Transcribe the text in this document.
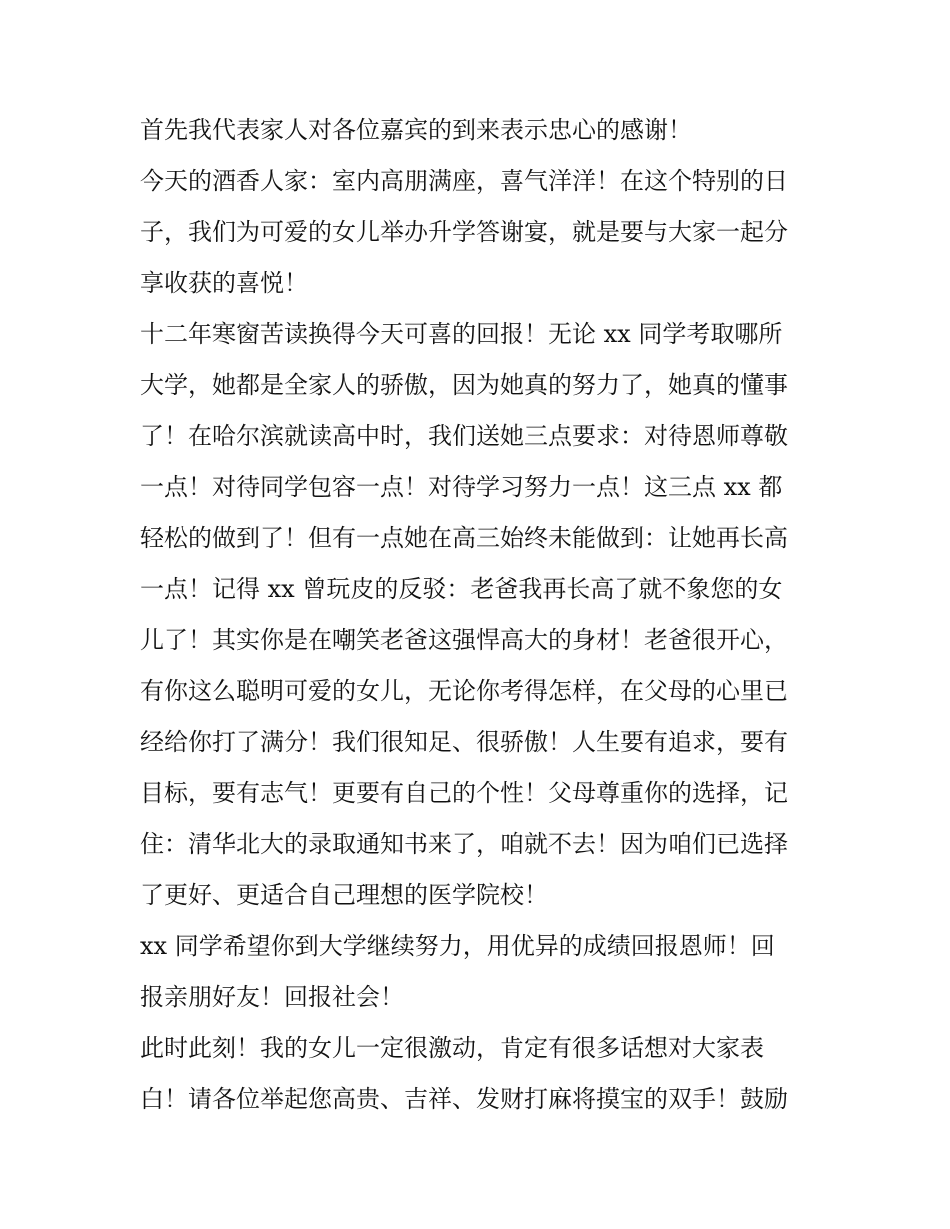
首先我代表家人对各位嘉宾的到来表示忠心的感谢！

今天的酒香人家：室内高朋满座，喜气洋洋！在这个特别的日

子，我们为可爱的女儿举办升学答谢宴，就是要与大家一起分

享收获的喜悦！

十二年寒窗苦读换得今天可喜的回报！无论 xx 同学考取哪所

大学，她都是全家人的骄傲，因为她真的努力了，她真的懂事

了！在哈尔滨就读高中时，我们送她三点要求：对待恩师尊敬

一点！对待同学包容一点！对待学习努力一点！这三点 xx 都

轻松的做到了！但有一点她在高三始终未能做到：让她再长高

一点！记得 xx 曾玩皮的反驳：老爸我再长高了就不象您的女

儿了！其实你是在嘲笑老爸这强悍高大的身材！老爸很开心，

有你这么聪明可爱的女儿，无论你考得怎样，在父母的心里已

经给你打了满分！我们很知足、很骄傲！人生要有追求，要有

目标，要有志气！更要有自己的个性！父母尊重你的选择，记

住：清华北大的录取通知书来了，咱就不去！因为咱们已选择

了更好、更适合自己理想的医学院校！

xx 同学希望你到大学继续努力，用优异的成绩回报恩师！回

报亲朋好友！回报社会！

此时此刻！我的女儿一定很激动，肯定有很多话想对大家表

白！请各位举起您高贵、吉祥、发财打麻将摸宝的双手！鼓励
